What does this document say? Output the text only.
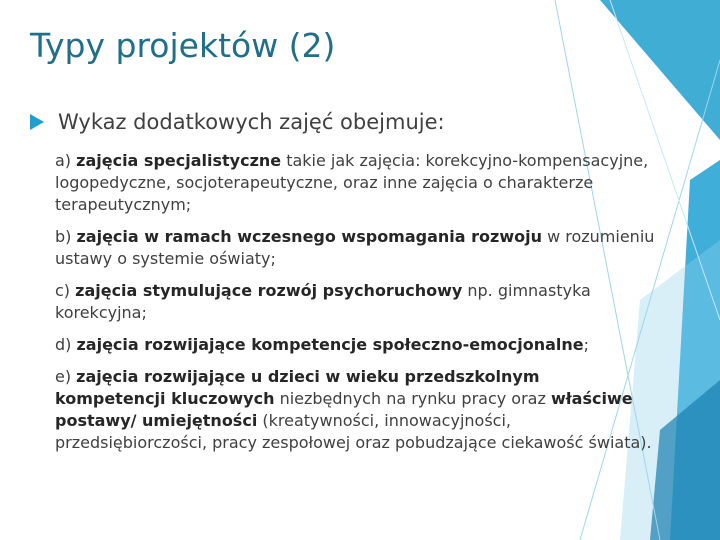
Typy projektów (2)
Wykaz dodatkowych zajęć obejmuje:

a) zajęcia specjalistyczne takie jak zajęcia: korekcyjno-kompensacyjne, logopedyczne, socjoterapeutyczne, oraz inne zajęcia o charakterze terapeutycznym;

b) zajęcia w ramach wczesnego wspomagania rozwoju w rozumieniu ustawy o systemie oświaty;

c) zajęcia stymulujące rozwój psychoruchowy np. gimnastyka korekcyjna;

d) zajęcia rozwijające kompetencje społeczno-emocjonalne;

e) zajęcia rozwijające u dzieci w wieku przedszkolnym kompetencji kluczowych niezbędnych na rynku pracy oraz właściwe postawy/ umiejętności (kreatywności, innowacyjności, przedsiębiorczości, pracy zespołowej oraz pobudzające ciekawość świata).
